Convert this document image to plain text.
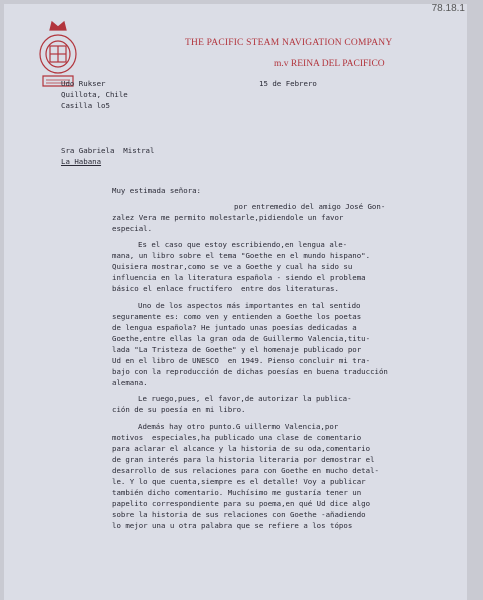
THE PACIFIC STEAM NAVIGATION COMPANY
m.v REINA DEL PACIFICO
Udo Rukser
Quillota, Chile
Casilla lo5
15 de Febrero
Sra Gabriela  Mistral
La Habana
Muy estimada señora:
por entremedio del amigo José Gon-
zalez Vera me permito molestarle,pidiendole un favor
especial.
Es el caso que estoy escribiendo,en lengua ale-
mana, un libro sobre el tema "Goethe en el mundo hispano".
Quisiera mostrar,como se ve a Goethe y cual ha sido su
influencia en la literatura española - siendo el problema
básico el enlace fructífero  entre dos literaturas.
Uno de los aspectos más importantes en tal sentido
seguramente es: como ven y entienden a Goethe los poetas
de lengua española? He juntado unas poesías dedicadas a
Goethe,entre ellas la gran oda de Guillermo Valencia,titu-
lada "La Tristeza de Goethe" y el homenaje publicado por
Ud en el libro de UNESCO  en 1949. Pienso concluir mi tra-
bajo con la reproducción de dichas poesías en buena traducción
alemana.
Le ruego,pues, el favor,de autorizar la publica-
ción de su poesía en mi libro.
Además hay otro punto.G uillermo Valencia,por
motivos  especiales,ha publicado una clase de comentario
para aclarar el alcance y la historia de su oda,comentario
de gran interés para la historia literaria por demostrar el
desarrollo de sus relaciones para con Goethe en mucho detal-
le. Y lo que cuenta,siempre es el detalle! Voy a publicar
también dicho comentario. Muchísimo me gustaría tener un
papelito correspondiente para su poema,en qué Ud dice algo
sobre la historia de sus relaciones con Goethe -añadiendo
lo mejor una u otra palabra que se refiere a los tópos
78.18.1
